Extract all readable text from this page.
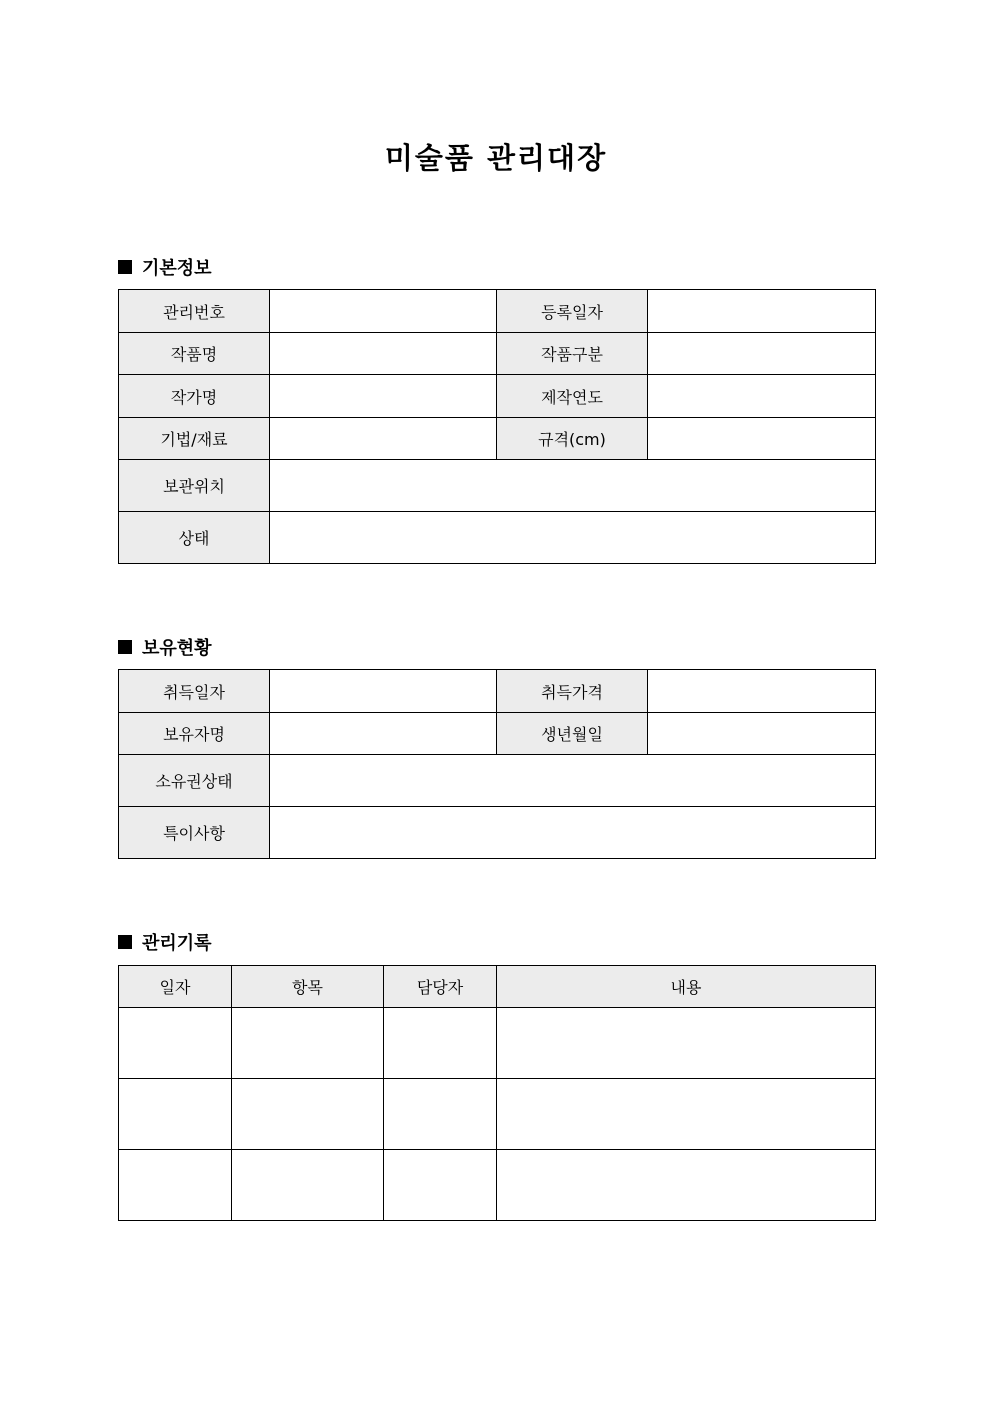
미술품 관리대장
기본정보
관리번호		등록일자	
작품명		작품구분	
작가명		제작연도	
기법/재료		규격(cm)	
보관위치			
상태			
보유현황
취득일자		취득가격	
보유자명		생년월일	
소유권상태			
특이사항			
관리기록
일자	항목	담당자	내용
